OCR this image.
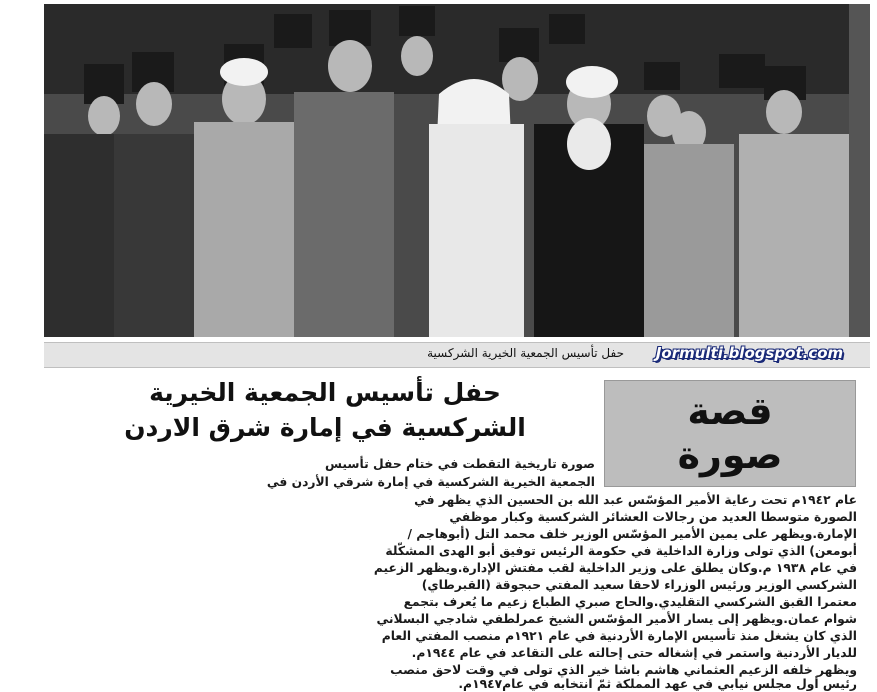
حفل تأسيس الجمعية الخيرية الشركسية	Jormulti.blogspot.com
قصة
صورة
حفل تأسيس الجمعية الخيرية
الشركسية في إمارة شرق الاردن
صورة تاريخية التقطت في ختام حفل تأسيس
الجمعية الخيرية الشركسية في إمارة شرقي الأردن في
عام ١٩٤٢م تحت رعاية الأمير المؤسّس عبد الله بن الحسين الذي يظهر في
الصورة متوسطا العديد من رجالات العشائر الشركسية وكبار موظفي
الإمارة.ويظهر على يمين الأمير المؤسّس الوزير خلف محمد التل (أبوهاجم /
أبومعن) الذي تولى وزارة الداخلية في حكومة الرئيس توفيق أبو الهدى المشكّلة
في عام ١٩٣٨ م.وكان يطلق على وزير الداخلية لقب مفتش الإدارة.ويظهر الزعيم
الشركسي الوزير ورئيس الوزراء لاحقا سعيد المفتي حبجوقة (القبرطاي)
معتمرا القبق الشركسي التقليدي.والحاج صبري الطباع زعيم ما يُعرف بتجمع
شوام عمان.ويظهر إلى يسار الأمير المؤسّس الشيخ عمرلطفي شادجي البسلاني
الذي كان يشغل منذ تأسيس الإمارة الأردنية في عام ١٩٢١م منصب المفتي العام
للديار الأردنية واستمر في إشغاله حتى إحالته على التقاعد في عام ١٩٤٤م.
ويظهر خلفه الزعيم العثماني هاشم باشا خير الذي تولى في وقت لاحق منصب
رئيس أول مجلس نيابي في عهد المملكة ثمّ انتخابه في عام١٩٤٧م.
